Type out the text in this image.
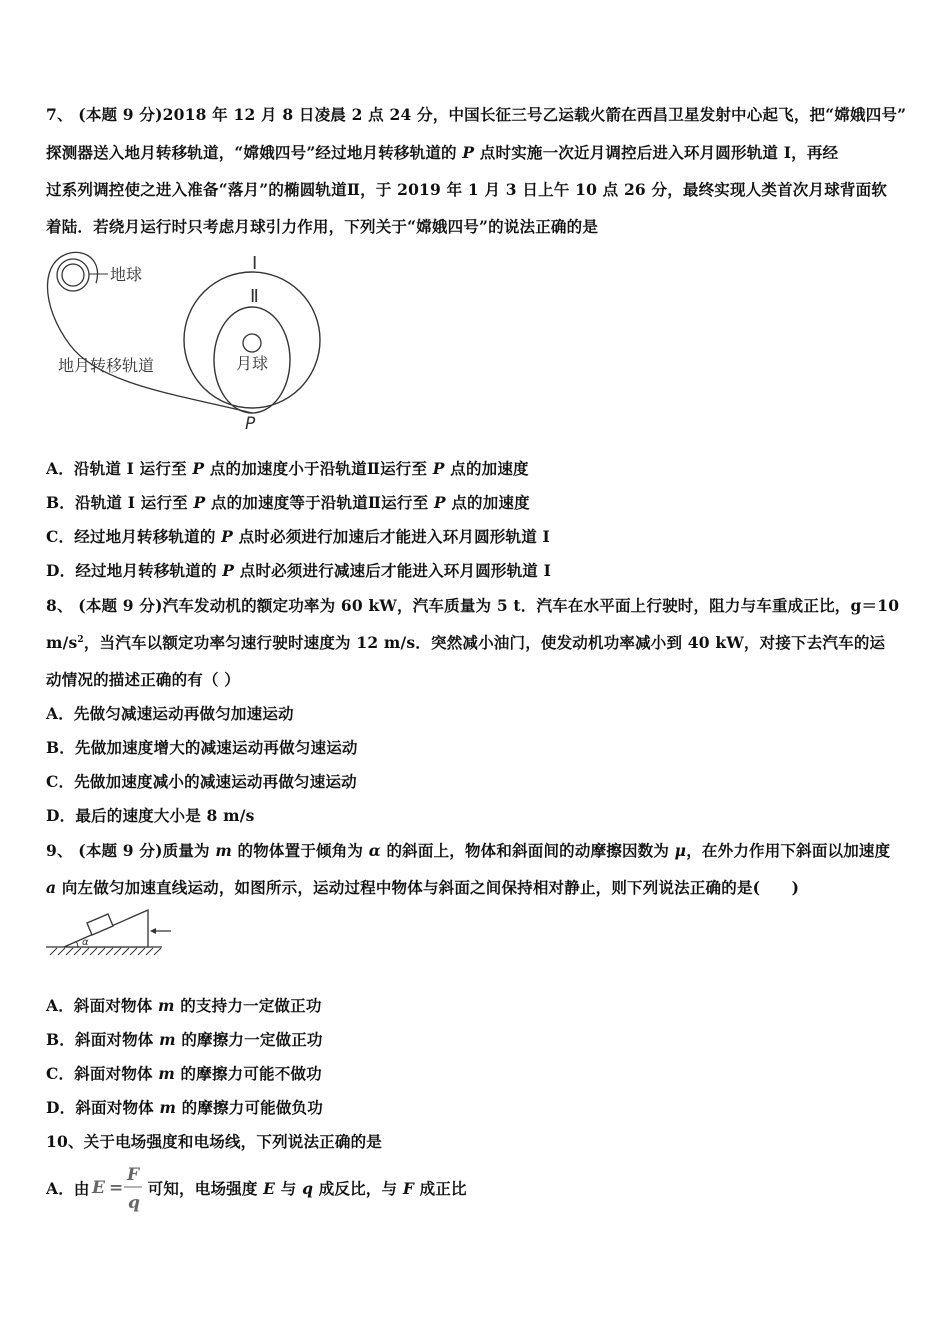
7、 (本题 9 分)2018 年 12 月 8 日凌晨 2 点 24 分，中国长征三号乙运载火箭在西昌卫星发射中心起飞，把“嫦娥四号”
探测器送入地月转移轨道，“嫦娥四号”经过地月转移轨道的 P 点时实施一次近月调控后进入环月圆形轨道 I，再经
过系列调控使之进入准备“落月”的椭圆轨道Ⅱ，于 2019 年 1 月 3 日上午 10 点 26 分，最终实现人类首次月球背面软
着陆．若绕月运行时只考虑月球引力作用，下列关于“嫦娥四号”的说法正确的是
地球
月球
Ⅰ
Ⅱ
地月转移轨道
P
A．沿轨道 I 运行至 P 点的加速度小于沿轨道Ⅱ运行至 P 点的加速度
B．沿轨道 I 运行至 P 点的加速度等于沿轨道Ⅱ运行至 P 点的加速度
C．经过地月转移轨道的 P 点时必须进行加速后才能进入环月圆形轨道 I
D．经过地月转移轨道的 P 点时必须进行减速后才能进入环月圆形轨道 I
8、 (本题 9 分)汽车发动机的额定功率为 60 kW，汽车质量为 5 t．汽车在水平面上行驶时，阻力与车重成正比，g＝10
$m/s^2$，当汽车以额定功率匀速行驶时速度为 12 m/s．突然减小油门，使发动机功率减小到 40 kW，对接下去汽车的运
动情况的描述正确的有（ ）
A．先做匀减速运动再做匀加速运动
B．先做加速度增大的减速运动再做匀速运动
C．先做加速度减小的减速运动再做匀速运动
D．最后的速度大小是 8 m/s
9、 (本题 9 分)质量为 m 的物体置于倾角为 α 的斜面上，物体和斜面间的动摩擦因数为 μ，在外力作用下斜面以加速度
a 向左做匀加速直线运动，如图所示，运动过程中物体与斜面之间保持相对静止，则下列说法正确的是(　　)
α
A．斜面对物体 m 的支持力一定做正功
B．斜面对物体 m 的摩擦力一定做正功
C．斜面对物体 m 的摩擦力可能不做功
D．斜面对物体 m 的摩擦力可能做负功
10、关于电场强度和电场线，下列说法正确的是
A．由 E =
F
q
可知，电场强度 E 与 q 成反比，与 F 成正比
